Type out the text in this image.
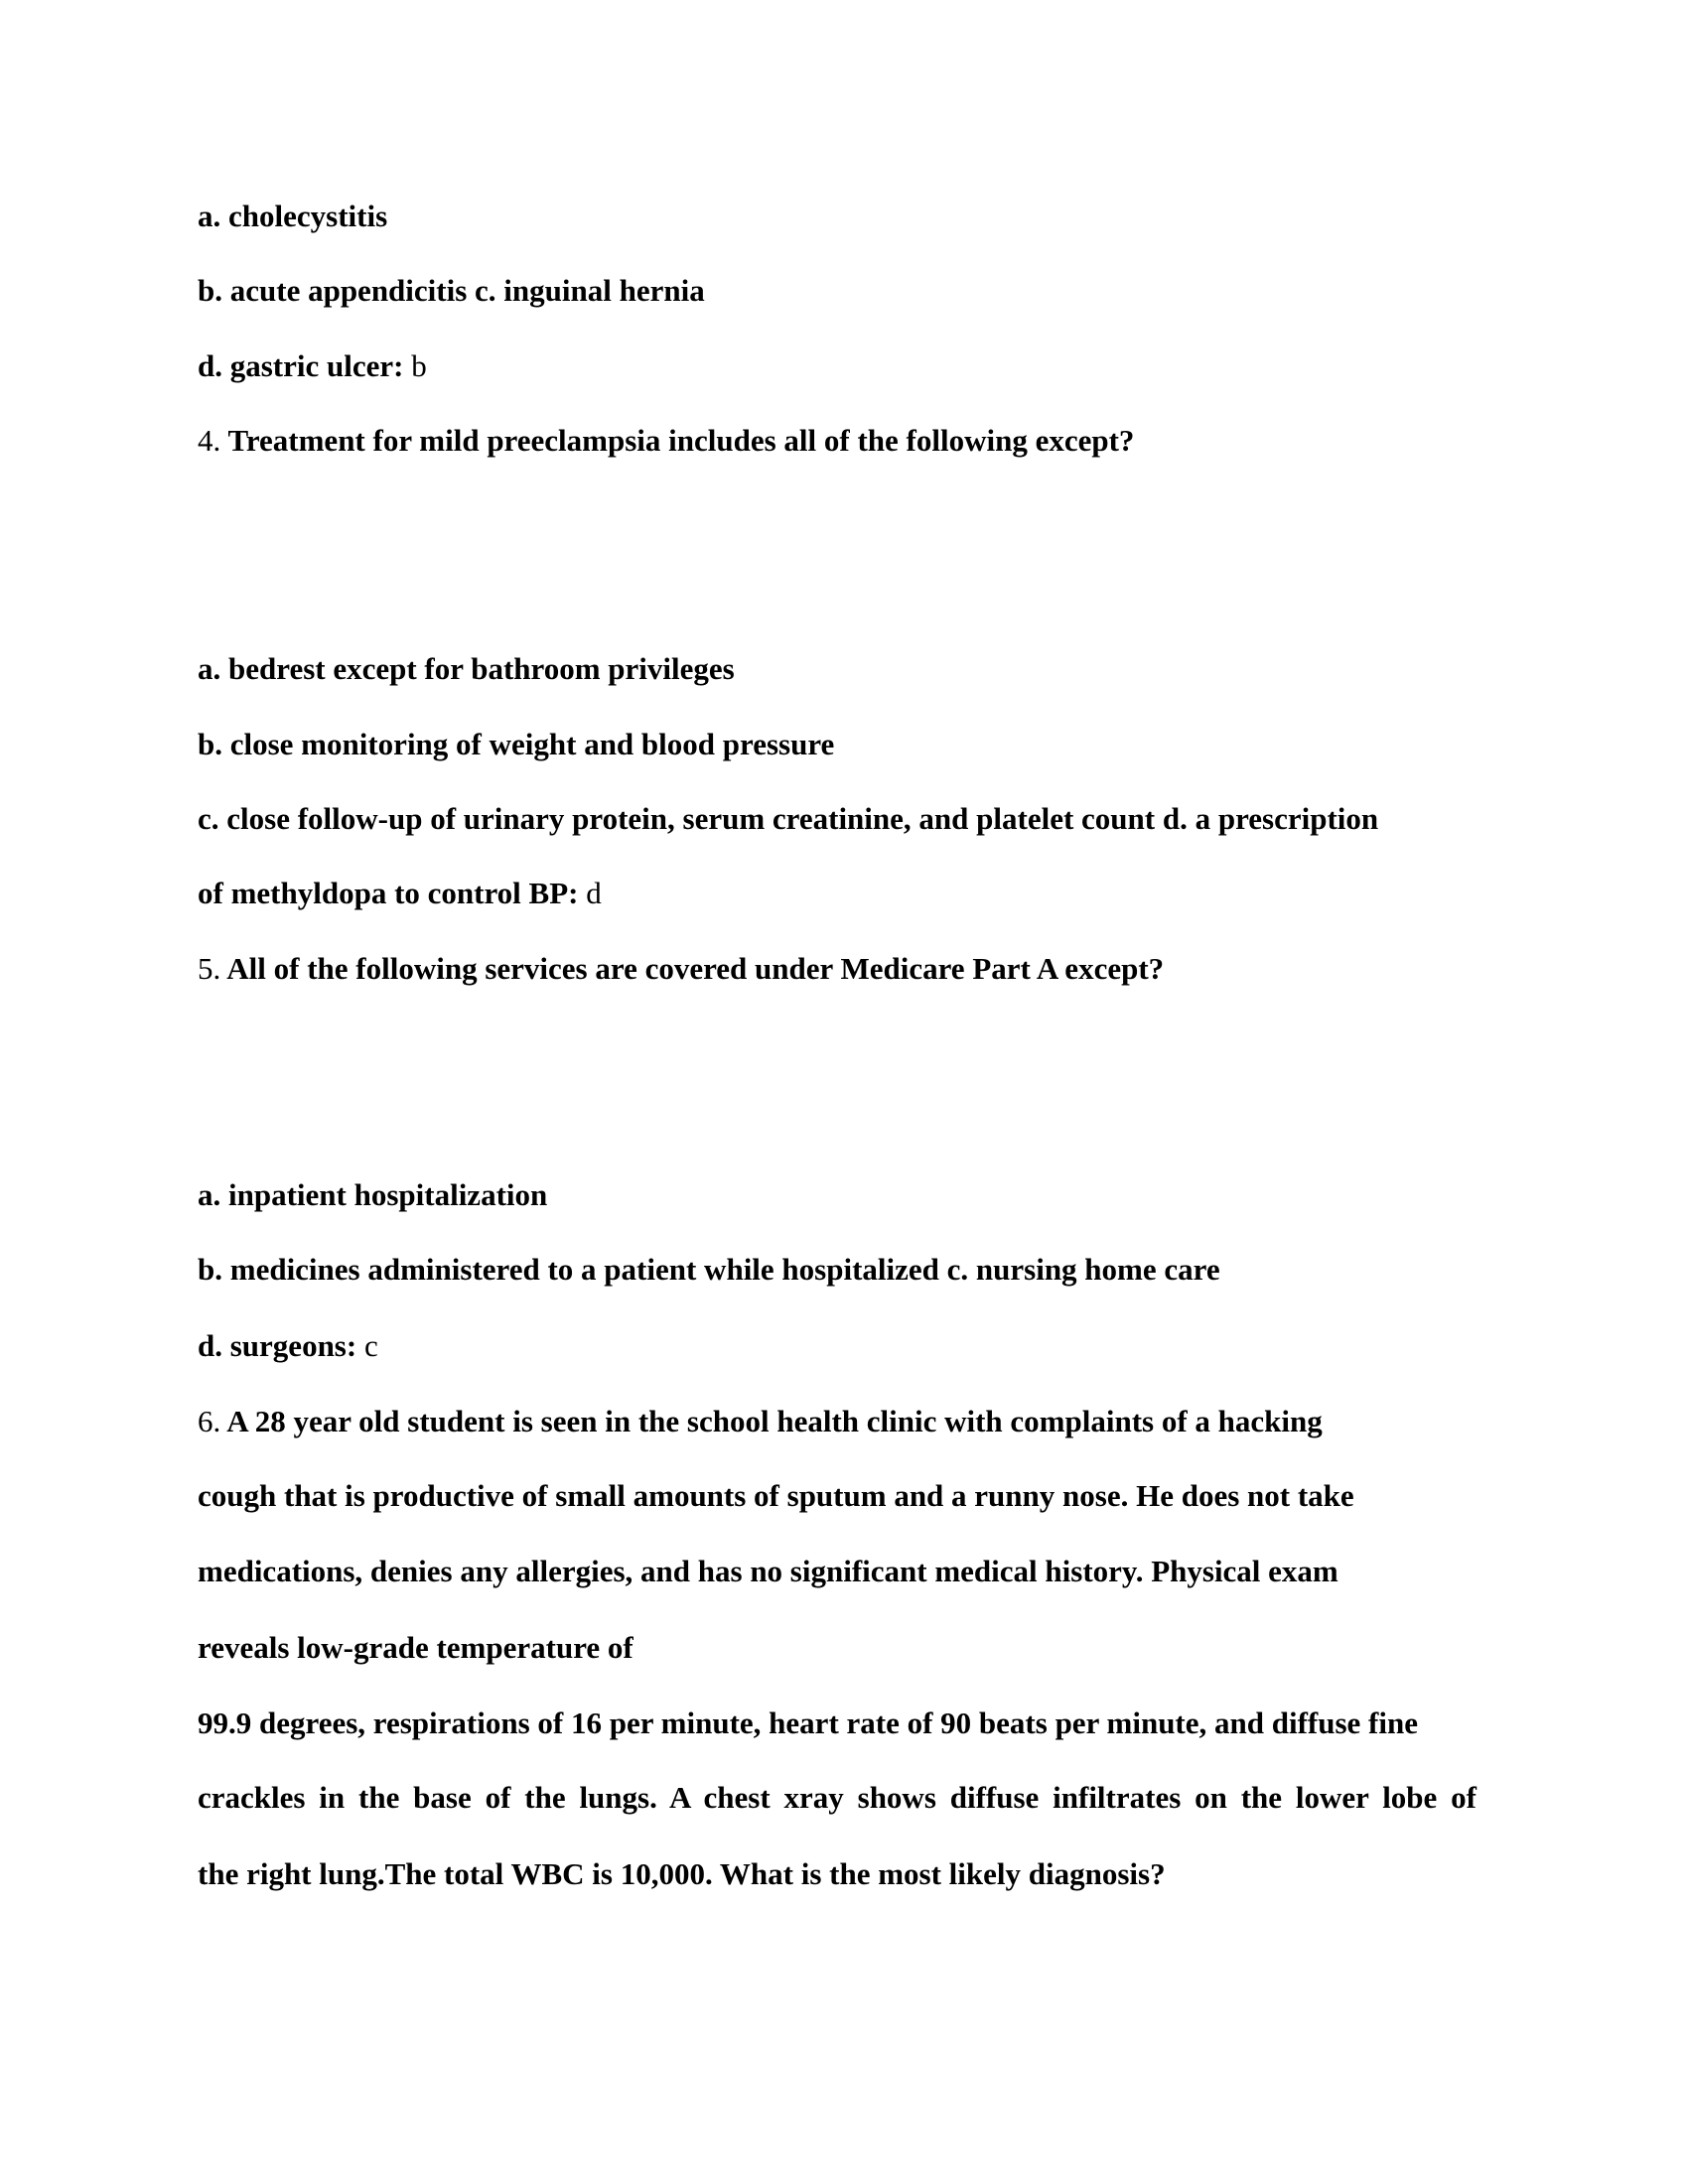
a. cholecystitis
b. acute appendicitis c. inguinal hernia
d. gastric ulcer: b
4. Treatment for mild preeclampsia includes all of the following except?
a. bedrest except for bathroom privileges
b. close monitoring of weight and blood pressure
c. close follow-up of urinary protein, serum creatinine, and platelet count d. a prescription
of methyldopa to control BP: d
5. All of the following services are covered under Medicare Part A except?
a. inpatient hospitalization
b. medicines administered to a patient while hospitalized c. nursing home care
d. surgeons: c
6. A 28 year old student is seen in the school health clinic with complaints of a hacking
cough that is productive of small amounts of sputum and a runny nose. He does not take
medications, denies any allergies, and has no significant medical history. Physical exam
reveals low-grade temperature of
99.9 degrees, respirations of 16 per minute, heart rate of 90 beats per minute, and diffuse fine
crackles in the base of the lungs. A chest xray shows diffuse infiltrates on the lower lobe of
the right lung.The total WBC is 10,000. What is the most likely diagnosis?
